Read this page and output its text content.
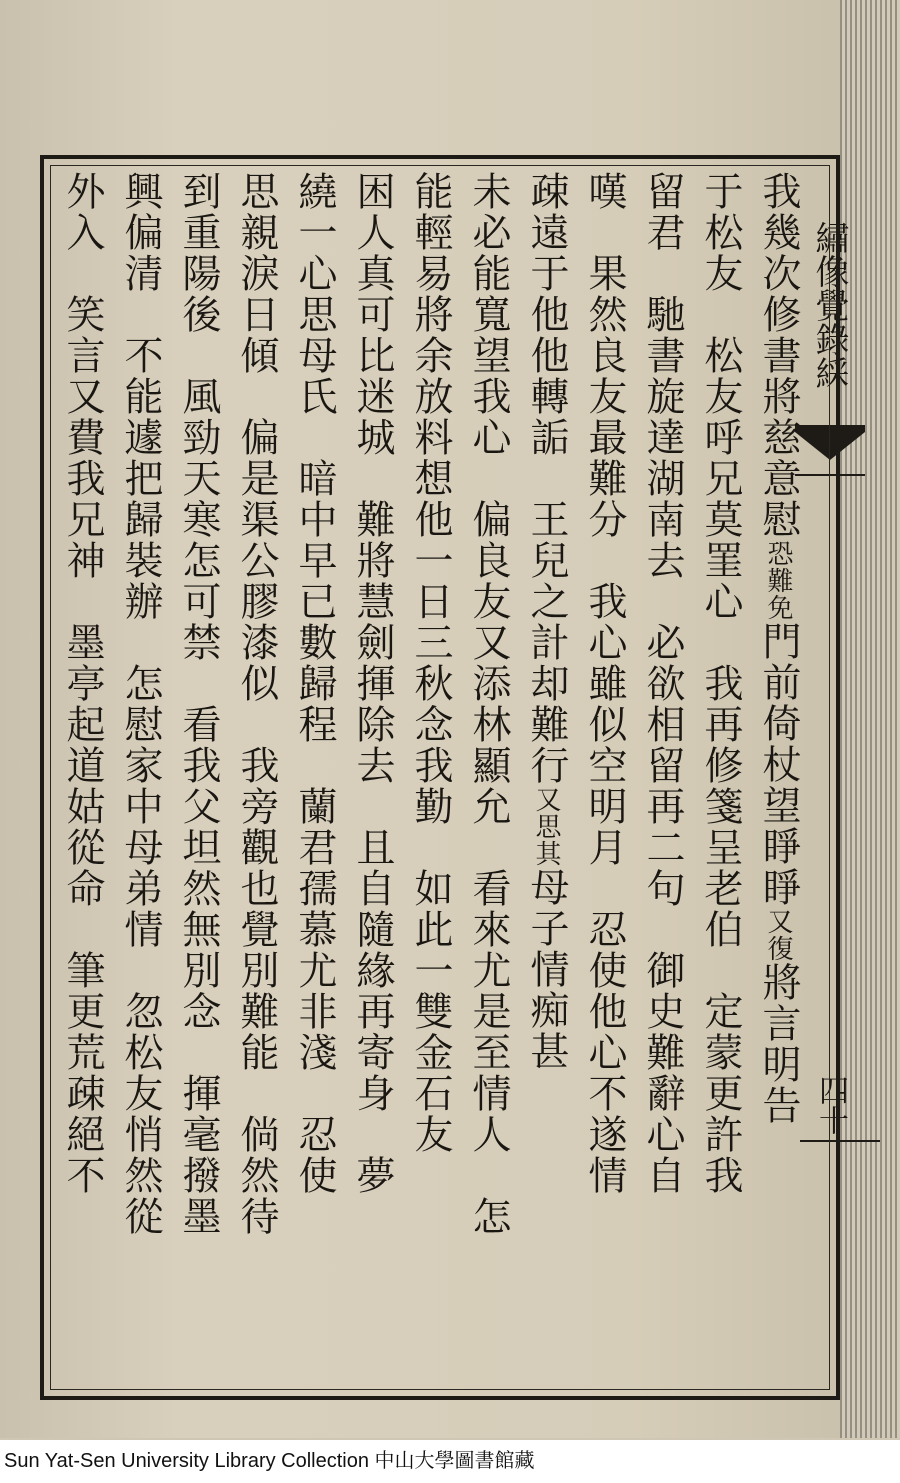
繡像覺錄綵
四十
我幾次修書將慈意慰恐難免門前倚杖望睜睜又復將言明告
于松友　松友呼兄莫罣心　我再修箋呈老伯　定蒙更許我
留君　馳書旋達湖南去　必欲相留再二句　御史難辭心自
嘆　果然良友最難分　我心雖似空明月　忍使他心不遂情
疎遠于他他轉詬　王兒之計却難行又思其母子情痴甚
未必能寬望我心　偏良友又添林顯允　看來尤是至情人　怎
能輕易將余放料想他一日三秋念我勤　如此一雙金石友
困人真可比迷城　難將慧劍揮除去　且自隨緣再寄身　夢
繞一心思母氏　暗中早已數歸程　蘭君孺慕尤非淺　忍使
思親淚日傾　偏是渠公膠漆似　我旁觀也覺別難能　倘然待
到重陽後　風勁天寒怎可禁　看我父坦然無別念　揮毫撥墨
興偏清　不能遽把歸裝辦　怎慰家中母弟情　忽松友悄然從
外入　笑言又費我兄神　墨亭起道姑從命　筆更荒疎絕不
Sun Yat-Sen University Library Collection 中山大學圖書館藏
